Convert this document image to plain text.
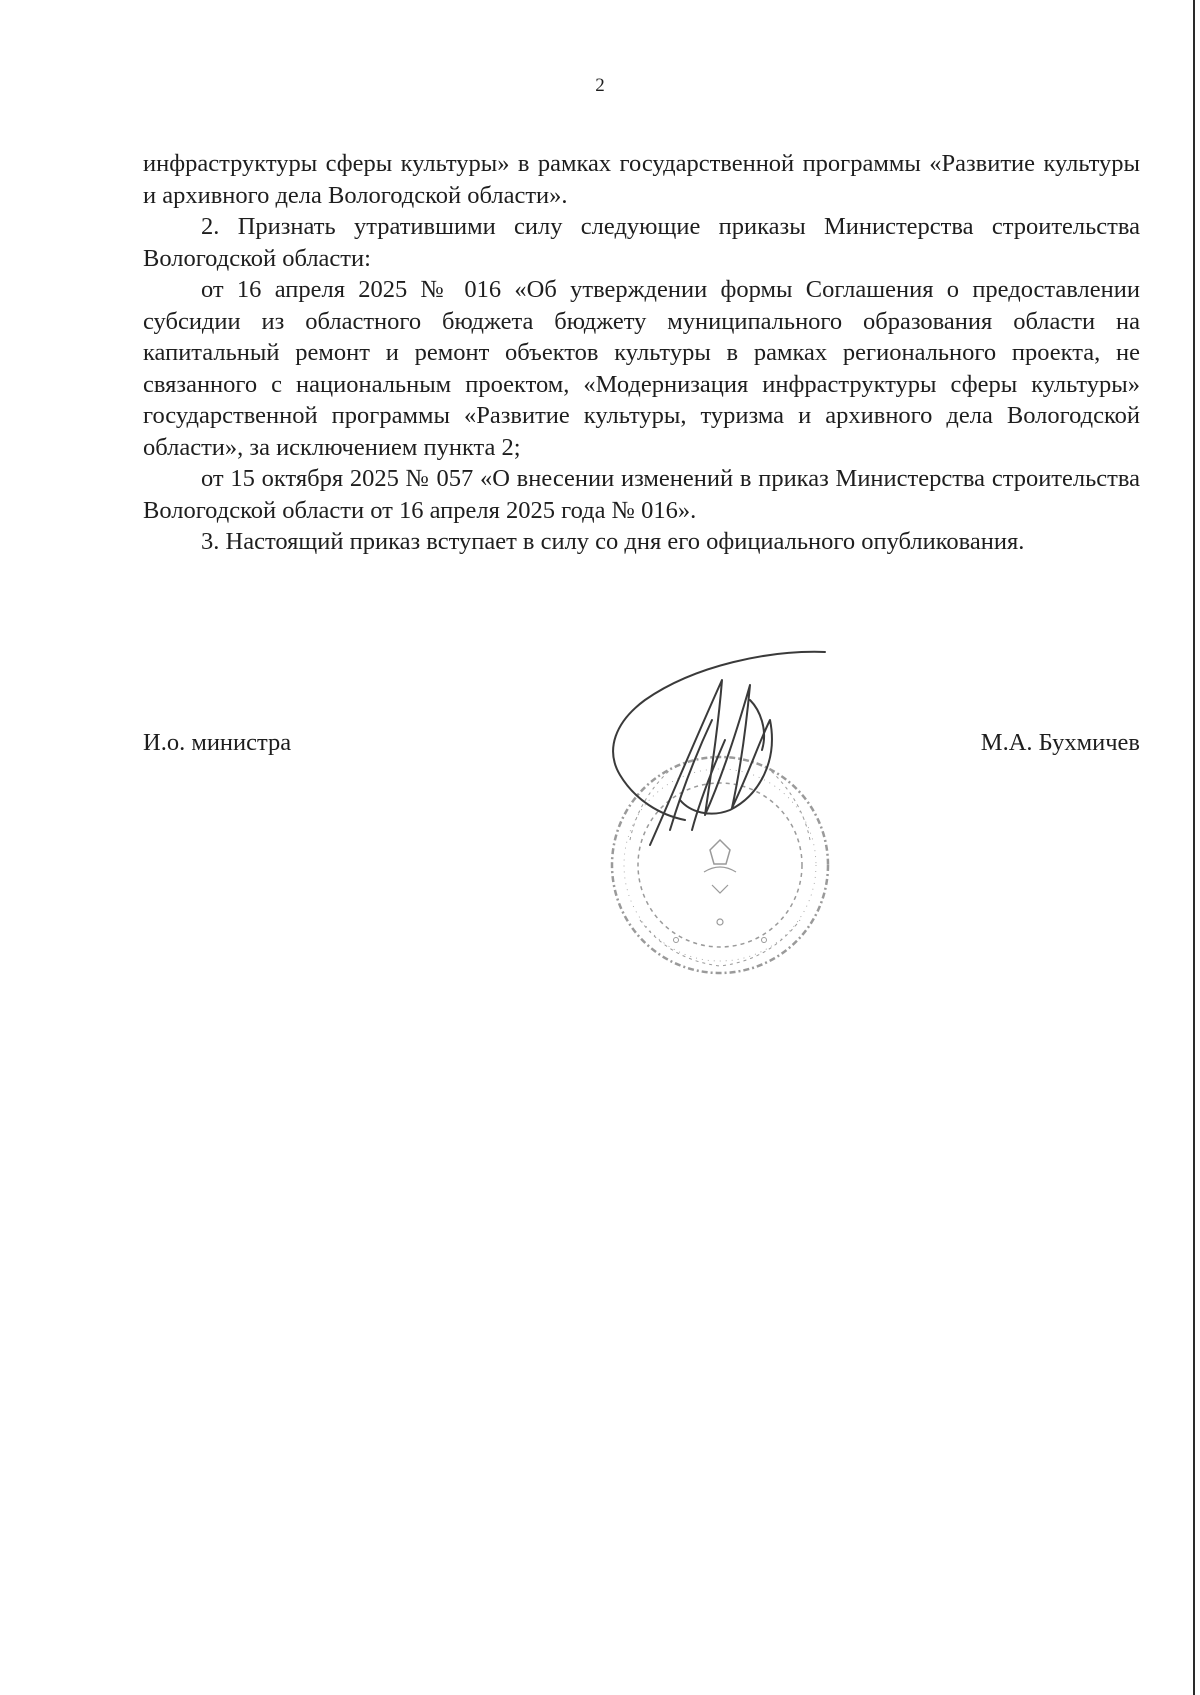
2

инфраструктуры сферы культуры» в рамках государственной программы «Развитие культуры и архивного дела Вологодской области».

2. Признать утратившими силу следующие приказы Министерства строительства Вологодской области:

от 16 апреля 2025 № 016 «Об утверждении формы Соглашения о предоставлении субсидии из областного бюджета бюджету муниципального образования области на капитальный ремонт и ремонт объектов культуры в рамках регионального проекта, не связанного с национальным проектом, «Модернизация инфраструктуры сферы культуры» государственной программы «Развитие культуры, туризма и архивного дела Вологодской области», за исключением пункта 2;

от 15 октября 2025 № 057 «О внесении изменений в приказ Министерства строительства Вологодской области от 16 апреля 2025 года № 016».

3. Настоящий приказ вступает в силу со дня его официального опубликования.

И.о. министра	М.А. Бухмичев
